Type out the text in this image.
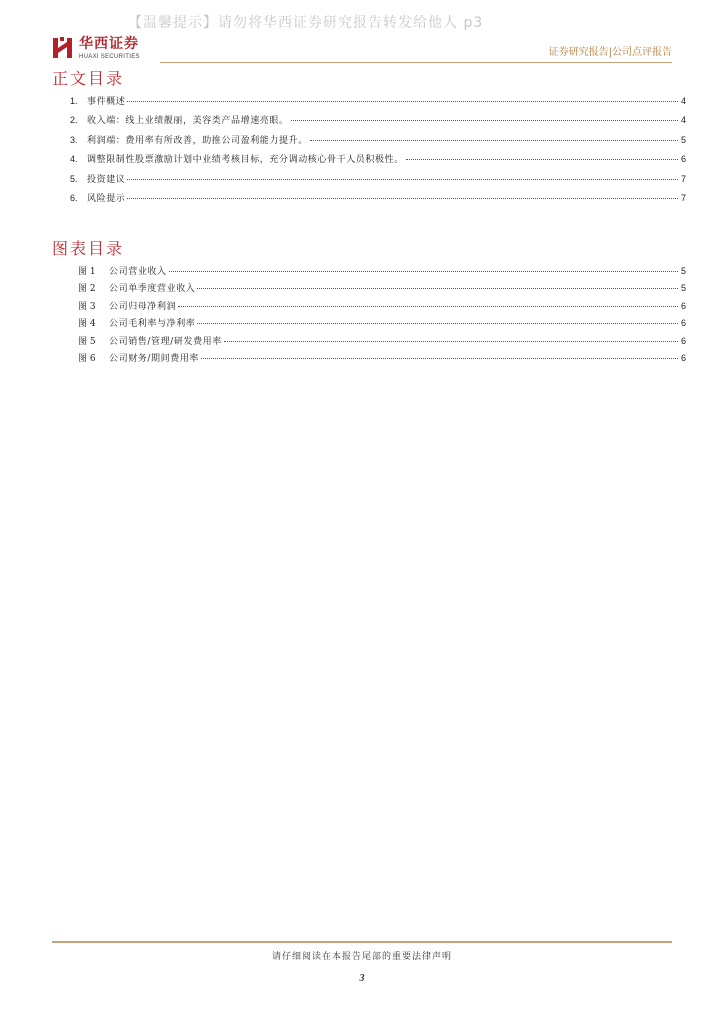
【温馨提示】请勿将华西证券研究报告转发给他人 p3
华西证券
HUAXI SECURITIES	证券研究报告|公司点评报告
正文目录
1.	事件概述	4
2.	收入端：线上业绩靓丽，美容类产品增速亮眼。	4
3.	利润端：费用率有所改善，助推公司盈利能力提升。	5
4.	调整限制性股票激励计划中业绩考核目标，充分调动核心骨干人员积极性。	6
5.	投资建议	7
6.	风险提示	7
图表目录
图 1	公司营业收入	5
图 2	公司单季度营业收入	5
图 3	公司归母净利润	6
图 4	公司毛利率与净利率	6
图 5	公司销售/管理/研发费用率	6
图 6	公司财务/期间费用率	6
请仔细阅读在本报告尾部的重要法律声明
3
